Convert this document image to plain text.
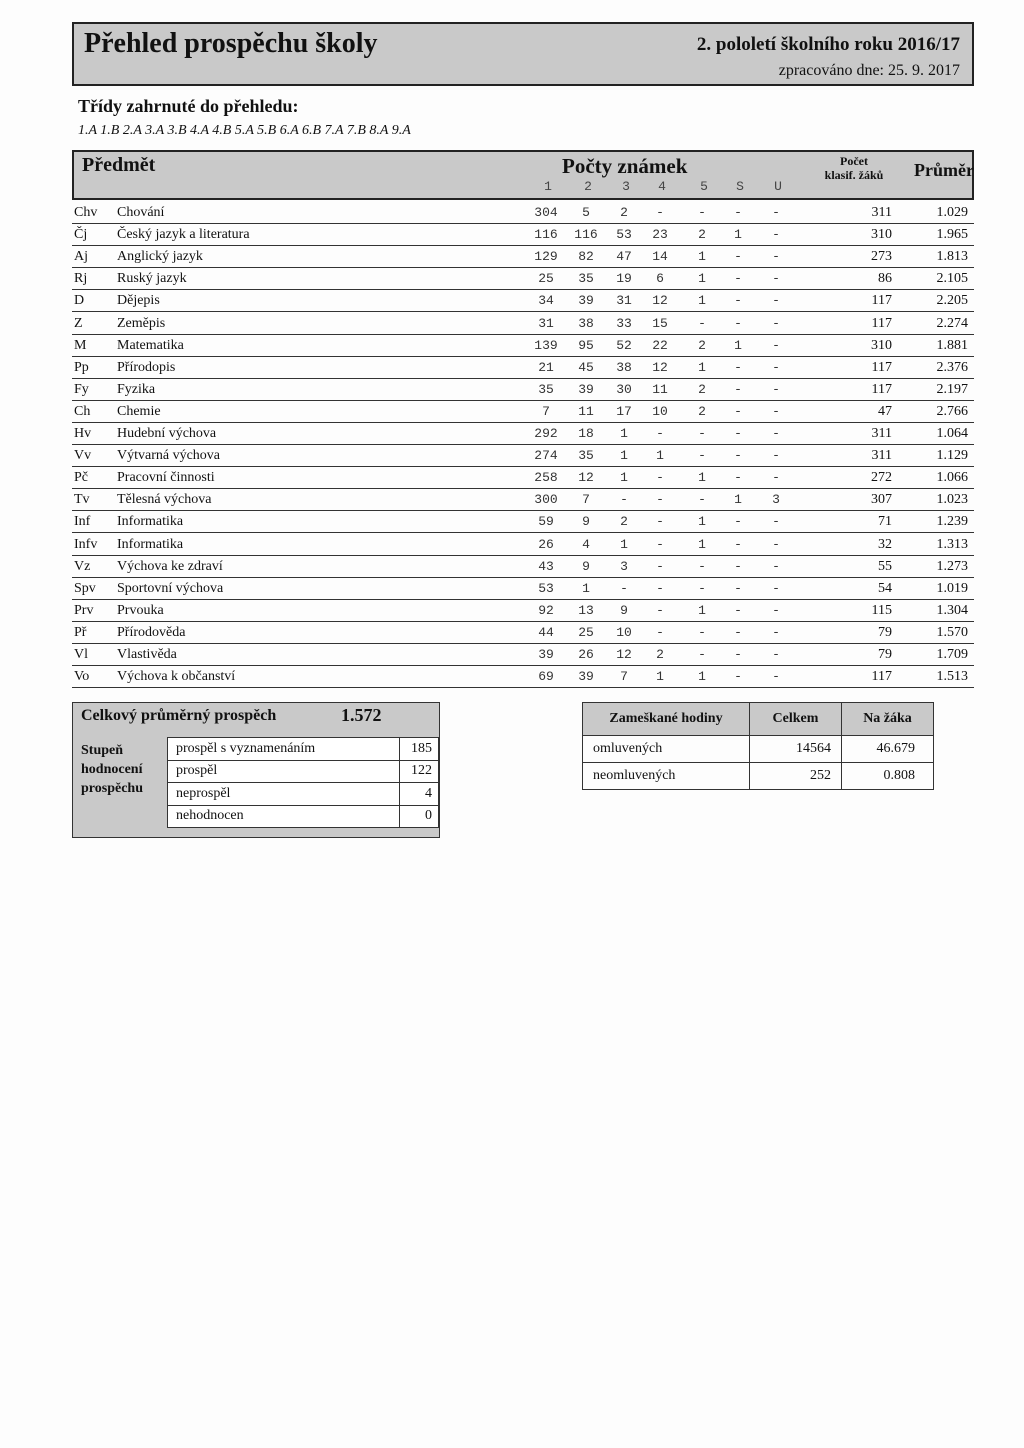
Přehled prospěchu školy	2. pololetí školního roku 2016/17
zpracováno dne: 25. 9. 2017
Třídy zahrnuté do přehledu:
1.A 1.B 2.A 3.A 3.B 4.A 4.B 5.A 5.B 6.A 6.B 7.A 7.B 8.A 9.A
Předmět	Počty známek
1	2	3	4	5	S	U
Počet
klasif. žáků	Průměr
Chv Chování	304	5	2	-	-	-	-	311	1.029
Čj Český jazyk a literatura	116	116	53	23	2	1	-	310	1.965
Aj Anglický jazyk	129	82	47	14	1	-	-	273	1.813
Rj Ruský jazyk	25	35	19	6	1	-	-	86	2.105
D Dějepis	34	39	31	12	1	-	-	117	2.205
Z Zeměpis	31	38	33	15	-	-	-	117	2.274
M Matematika	139	95	52	22	2	1	-	310	1.881
Pp Přírodopis	21	45	38	12	1	-	-	117	2.376
Fy Fyzika	35	39	30	11	2	-	-	117	2.197
Ch Chemie	7	11	17	10	2	-	-	47	2.766
Hv Hudební výchova	292	18	1	-	-	-	-	311	1.064
Vv Výtvarná výchova	274	35	1	1	-	-	-	311	1.129
Pč Pracovní činnosti	258	12	1	-	1	-	-	272	1.066
Tv Tělesná výchova	300	7	-	-	-	1	3	307	1.023
Inf Informatika	59	9	2	-	1	-	-	71	1.239
Infv Informatika	26	4	1	-	1	-	-	32	1.313
Vz Výchova ke zdraví	43	9	3	-	-	-	-	55	1.273
Spv Sportovní výchova	53	1	-	-	-	-	-	54	1.019
Prv Prvouka	92	13	9	-	1	-	-	115	1.304
Př Přírodověda	44	25	10	-	-	-	-	79	1.570
Vl Vlastivěda	39	26	12	2	-	-	-	79	1.709
Vo Výchova k občanství	69	39	7	1	1	-	-	117	1.513
Celkový průměrný prospěch	1.572
Stupeň
hodnocení
prospěchu
prospěl s vyznamenáním	185
prospěl	122
neprospěl	4
nehodnocen	0
Zameškané hodiny	Celkem	Na žáka
omluvených	14564	46.679
neomluvených	252	0.808
